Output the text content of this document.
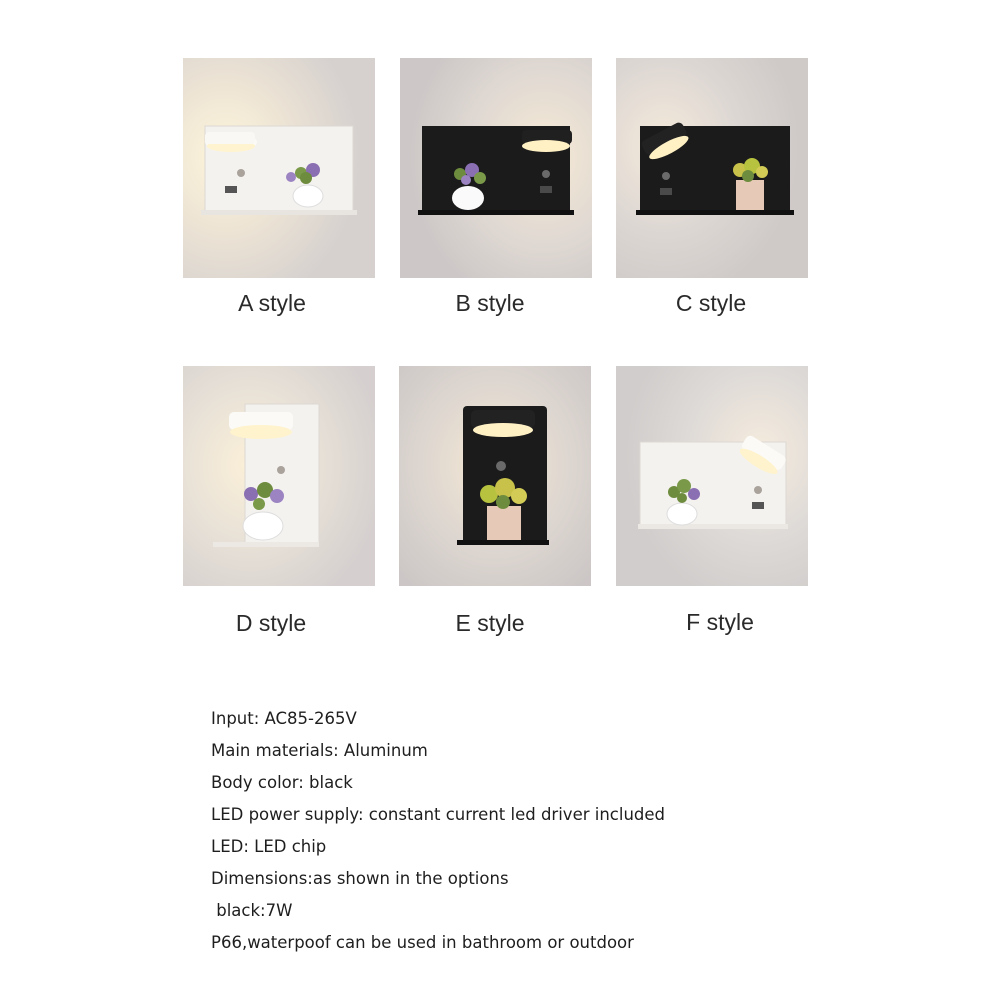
A style	B style	C style
D style	E style	F style
Input: AC85-265V
Main materials: Aluminum
Body color: black
LED power supply: constant current led driver included
LED: LED chip
Dimensions:as shown in the options
black:7W
P66,waterpoof can be used in bathroom or outdoor
